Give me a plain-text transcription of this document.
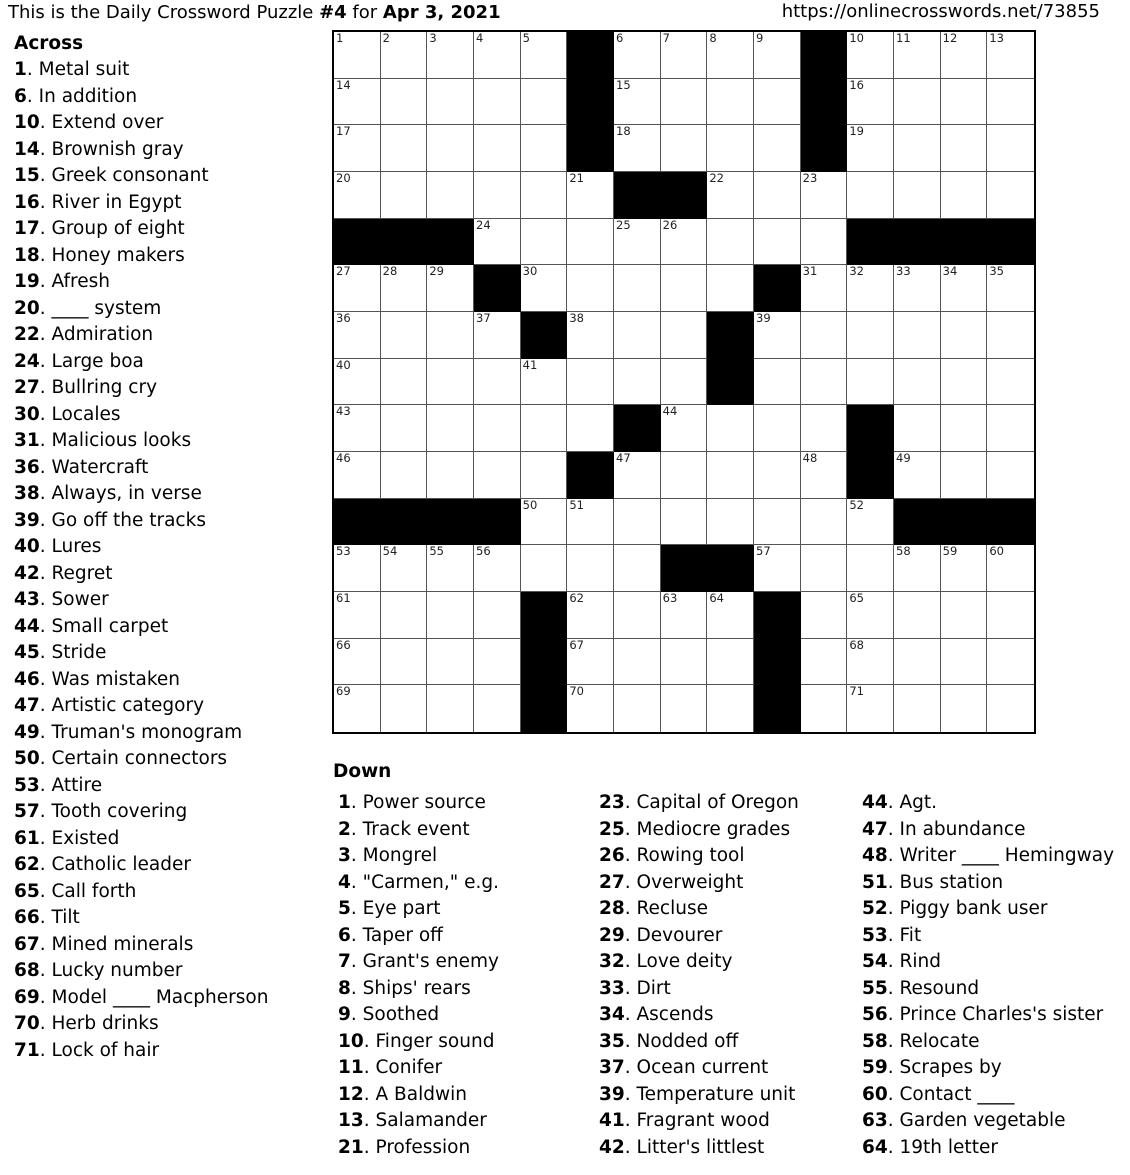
This is the Daily Crossword Puzzle #4 for Apr 3, 2021	https://onlinecrosswords.net/73855
Across
1. Metal suit
6. In addition
10. Extend over
14. Brownish gray
15. Greek consonant
16. River in Egypt
17. Group of eight
18. Honey makers
19. Afresh
20. ____ system
22. Admiration
24. Large boa
27. Bullring cry
30. Locales
31. Malicious looks
36. Watercraft
38. Always, in verse
39. Go off the tracks
40. Lures
42. Regret
43. Sower
44. Small carpet
45. Stride
46. Was mistaken
47. Artistic category
49. Truman's monogram
50. Certain connectors
53. Attire
57. Tooth covering
61. Existed
62. Catholic leader
65. Call forth
66. Tilt
67. Mined minerals
68. Lucky number
69. Model ____ Macpherson
70. Herb drinks
71. Lock of hair
Down
1. Power source
2. Track event
3. Mongrel
4. "Carmen," e.g.
5. Eye part
6. Taper off
7. Grant's enemy
8. Ships' rears
9. Soothed
10. Finger sound
11. Conifer
12. A Baldwin
13. Salamander
21. Profession
23. Capital of Oregon
25. Mediocre grades
26. Rowing tool
27. Overweight
28. Recluse
29. Devourer
32. Love deity
33. Dirt
34. Ascends
35. Nodded off
37. Ocean current
39. Temperature unit
41. Fragrant wood
42. Litter's littlest
44. Agt.
47. In abundance
48. Writer ____ Hemingway
51. Bus station
52. Piggy bank user
53. Fit
54. Rind
55. Resound
56. Prince Charles's sister
58. Relocate
59. Scrapes by
60. Contact ____
63. Garden vegetable
64. 19th letter
1	2	3	4	5	6	7	8	9	10	11	12	13
14	15	16
17	18	19
20	21	22	23
24	25	26
27	28	29	30	31	32	33	34	35
36	37	38	39
40	41
43	44
46	47	48	49
50	51	52
53	54	55	56	57	58	59	60
61	62	63	64	65
66	67	68
69	70	71
